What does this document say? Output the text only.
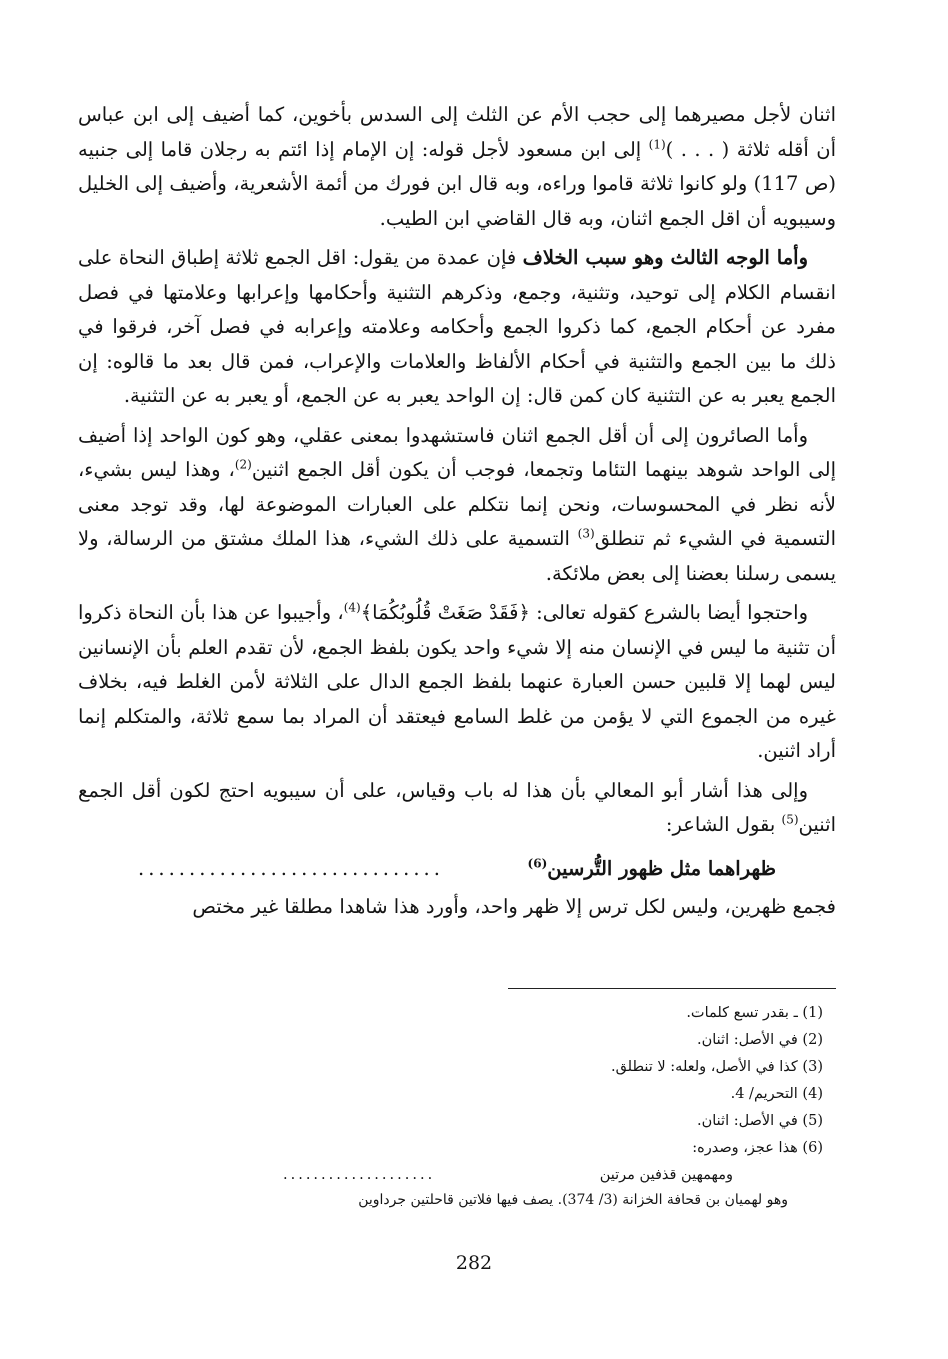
اثنان لأجل مصيرهما إلى حجب الأم عن الثلث إلى السدس بأخوين، كما أضيف إلى ابن عباس أن أقله ثلاثة ( . . . )$^{(1)}$ إلى ابن مسعود لأجل قوله: إن الإمام إذا ائتم به رجلان قاما إلى جنبيه (ص 117) ولو كانوا ثلاثة قاموا وراءه، وبه قال ابن فورك من أئمة الأشعرية، وأضيف إلى الخليل وسيبويه أن اقل الجمع اثنان، وبه قال القاضي ابن الطيب.

وأما الوجه الثالث وهو سبب الخلاف فإن عمدة من يقول: اقل الجمع ثلاثة إطباق النحاة على انقسام الكلام إلى توحيد، وتثنية، وجمع، وذكرهم التثنية وأحكامها وإعرابها وعلامتها في فصل مفرد عن أحكام الجمع، كما ذكروا الجمع وأحكامه وعلامته وإعرابه في فصل آخر، فرقوا في ذلك ما بين الجمع والتثنية في أحكام الألفاظ والعلامات والإعراب، فمن قال بعد ما قالوه: إن الجمع يعبر به عن التثنية كان كمن قال: إن الواحد يعبر به عن الجمع، أو يعبر به عن التثنية.

وأما الصائرون إلى أن أقل الجمع اثنان فاستشهدوا بمعنى عقلي، وهو كون الواحد إذا أضيف إلى الواحد شوهد بينهما التئاما وتجمعا، فوجب أن يكون أقل الجمع اثنين$^{(2)}$، وهذا ليس بشيء، لأنه نظر في المحسوسات، ونحن إنما نتكلم على العبارات الموضوعة لها، وقد توجد معنى التسمية في الشيء ثم تنطلق$^{(3)}$ التسمية على ذلك الشيء، هذا الملك مشتق من الرسالة، ولا يسمى رسلنا بعضنا إلى بعض ملائكة.

واحتجوا أيضا بالشرع كقوله تعالى: ﴿فَقَدْ صَغَتْ قُلُوبُكُمَا﴾$^{(4)}$، وأجيبوا عن هذا بأن النحاة ذكروا أن تثنية ما ليس في الإنسان منه إلا شيء واحد يكون بلفظ الجمع، لأن تقدم العلم بأن الإنسانين ليس لهما إلا قلبين حسن العبارة عنهما بلفظ الجمع الدال على الثلاثة لأمن الغلط فيه، بخلاف غيره من الجموع التي لا يؤمن من غلط السامع فيعتقد أن المراد بما سمع ثلاثة، والمتكلم إنما أراد اثنين.

وإلى هذا أشار أبو المعالي بأن هذا له باب وقياس، على أن سيبويه احتج لكون أقل الجمع اثنين$^{(5)}$ بقول الشاعر:

ظهراهما مثل ظهور التُّرسين$^{(6)}$
..............................

فجمع ظهرين، وليس لكل ترس إلا ظهر واحد، وأورد هذا شاهدا مطلقا غير مختص

(1) ـ بقدر تسع كلمات.
(2) في الأصل: اثنان.
(3) كذا في الأصل، ولعله: لا تنطلق.
(4) التحريم/ 4.
(5) في الأصل: اثنان.
(6) هذا عجز، وصدره:
ومهمهين قذفين مرتين
....................
وهو لهميان بن قحافة الخزانة (3/ 374). يصف فيها فلاتين قاحلتين جرداوين
282
